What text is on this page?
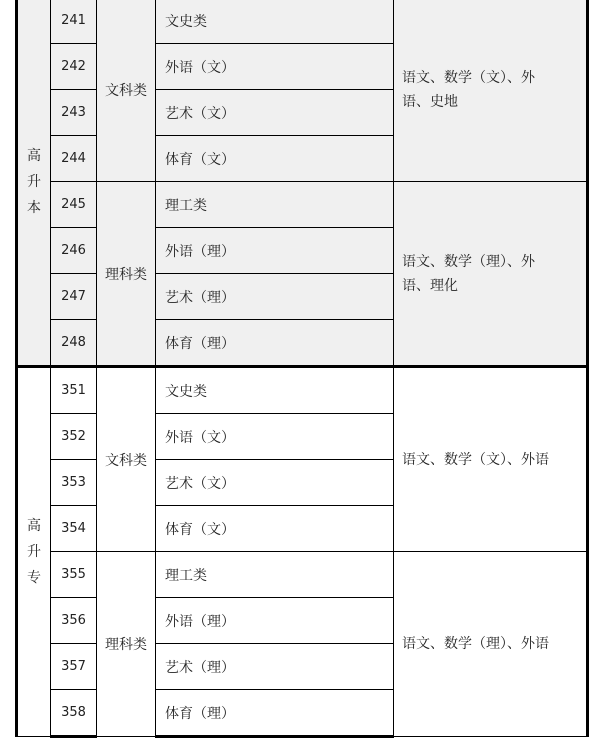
高升本	241	文科类	文史类	语文、数学（文）、外语、史地
	242		外语（文）	
	243		艺术（文）	
	244		体育（文）	
	245	理科类	理工类	语文、数学（理）、外语、理化
	246		外语（理）	
	247		艺术（理）	
	248		体育（理）	
高升专	351	文科类	文史类	语文、数学（文）、外语
	352		外语（文）	
	353		艺术（文）	
	354		体育（文）	
	355	理科类	理工类	语文、数学（理）、外语
	356		外语（理）	
	357		艺术（理）	
	358		体育（理）	
